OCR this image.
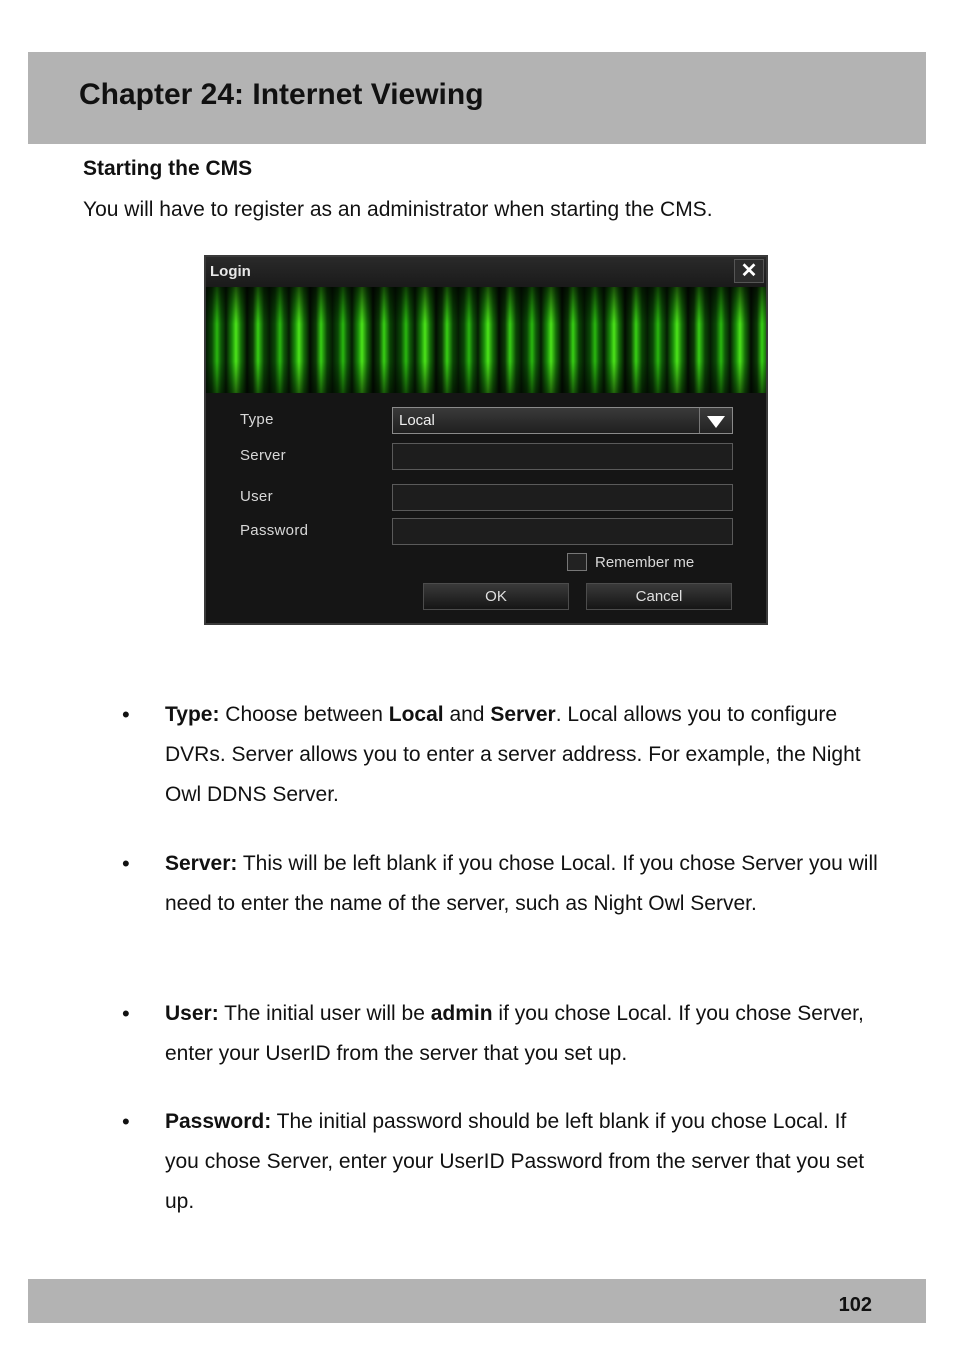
Chapter 24: Internet Viewing
Starting the CMS

You will have to register as an administrator when starting the CMS.

Login	✕
Type	Local
Server
User
Password
Remember me
OK	Cancel
• Type: Choose between Local and Server. Local allows you to configure DVRs. Server allows you to enter a server address. For example, the Night Owl DDNS Server.

• Server: This will be left blank if you chose Local. If you chose Server you will need to enter the name of the server, such as Night Owl Server.

• User: The initial user will be admin if you chose Local. If you chose Server, enter your UserID from the server that you set up.

• Password: The initial password should be left blank if you chose Local. If you chose Server, enter your UserID Password from the server that you set up.

102
